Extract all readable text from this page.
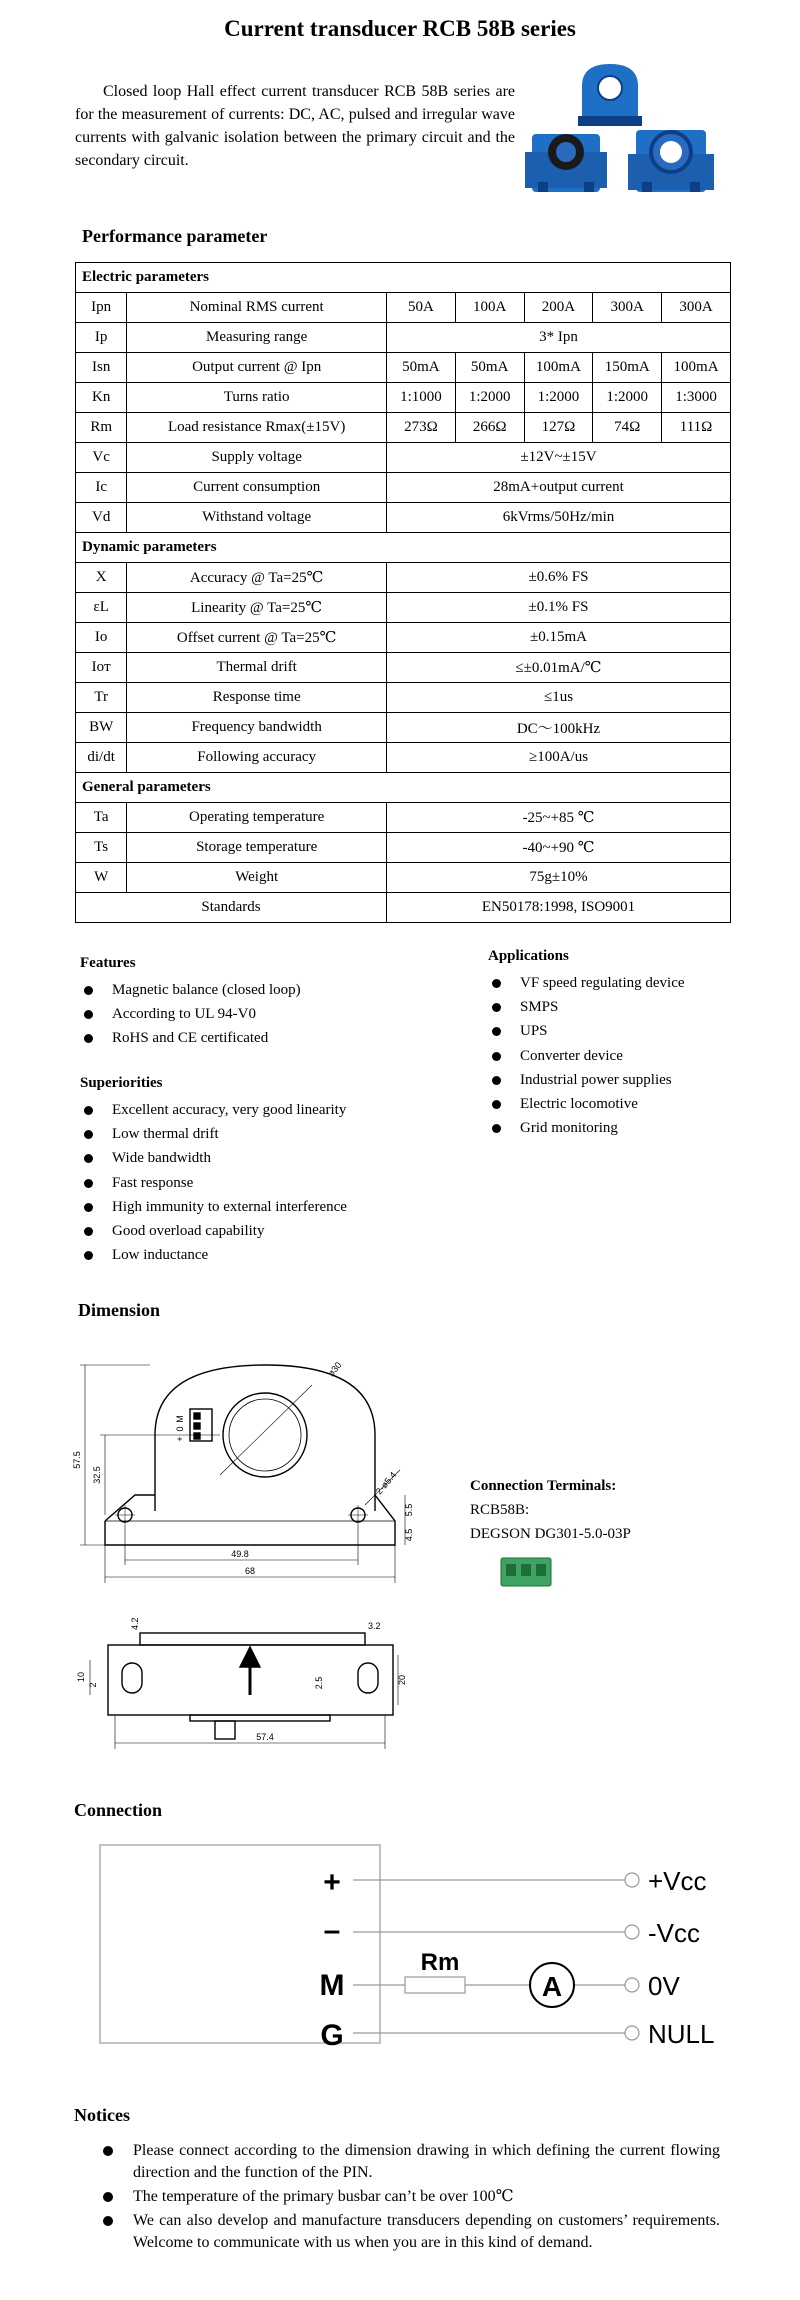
Current transducer RCB 58B series
Closed loop Hall effect current transducer RCB 58B series are for the measurement of currents: DC, AC, pulsed and irregular wave currents with galvanic isolation between the primary circuit and the secondary circuit.
Performance parameter
Electric parameters						
Ipn	Nominal RMS current	50A	100A	200A	300A	300A
Ip	Measuring range	3* Ipn				
Isn	Output current @ Ipn	50mA	50mA	100mA	150mA	100mA
Kn	Turns ratio	1:1000	1:2000	1:2000	1:2000	1:3000
Rm	Load resistance Rmax(±15V)	273Ω	266Ω	127Ω	74Ω	111Ω
Vc	Supply voltage	±12V~±15V				
Ic	Current consumption	28mA+output current				
Vd	Withstand voltage	6kVrms/50Hz/min				
Dynamic parameters						
X	Accuracy @ Ta=25℃	±0.6% FS				
εL	Linearity @ Ta=25℃	±0.1% FS				
Io	Offset current @ Ta=25℃	±0.15mA				
Ioт	Thermal drift	≤±0.01mA/℃				
Tr	Response time	≤1us				
BW	Frequency bandwidth	DC～100kHz				
di/dt	Following accuracy	≥100A/us				
General parameters						
Ta	Operating temperature	-25~+85 ℃				
Ts	Storage temperature	-40~+90 ℃				
W	Weight	75g±10%				
Standards		EN50178:1998, ISO9001				
Features
Magnetic balance (closed loop)
According to UL 94-V0
RoHS and CE certificated
Superiorities
Excellent accuracy, very good linearity
Low thermal drift
Wide bandwidth
Fast response
High immunity to external interference
Good overload capability
Low inductance
Applications
VF speed regulating device
SMPS
UPS
Converter device
Industrial power supplies
Electric locomotive
Grid monitoring
Dimension
M
0
+
ø30
57.5
32.5	2-ø5.4
5.5
4.5
49.8
68
4.2	3.2
10
2	2.5	20
57.4
Connection Terminals:
RCB58B:
DEGSON DG301-5.0-03P
Connection
+
–
M
G
A
Rm
+Vcc
-Vcc
0V
NULL
Notices
Please connect according to the dimension drawing in which defining the current flowing direction and the function of the PIN.
The temperature of the primary busbar can’t be over 100℃
We can also develop and manufacture transducers depending on customers’ requirements. Welcome to communicate with us when you are in this kind of demand.
